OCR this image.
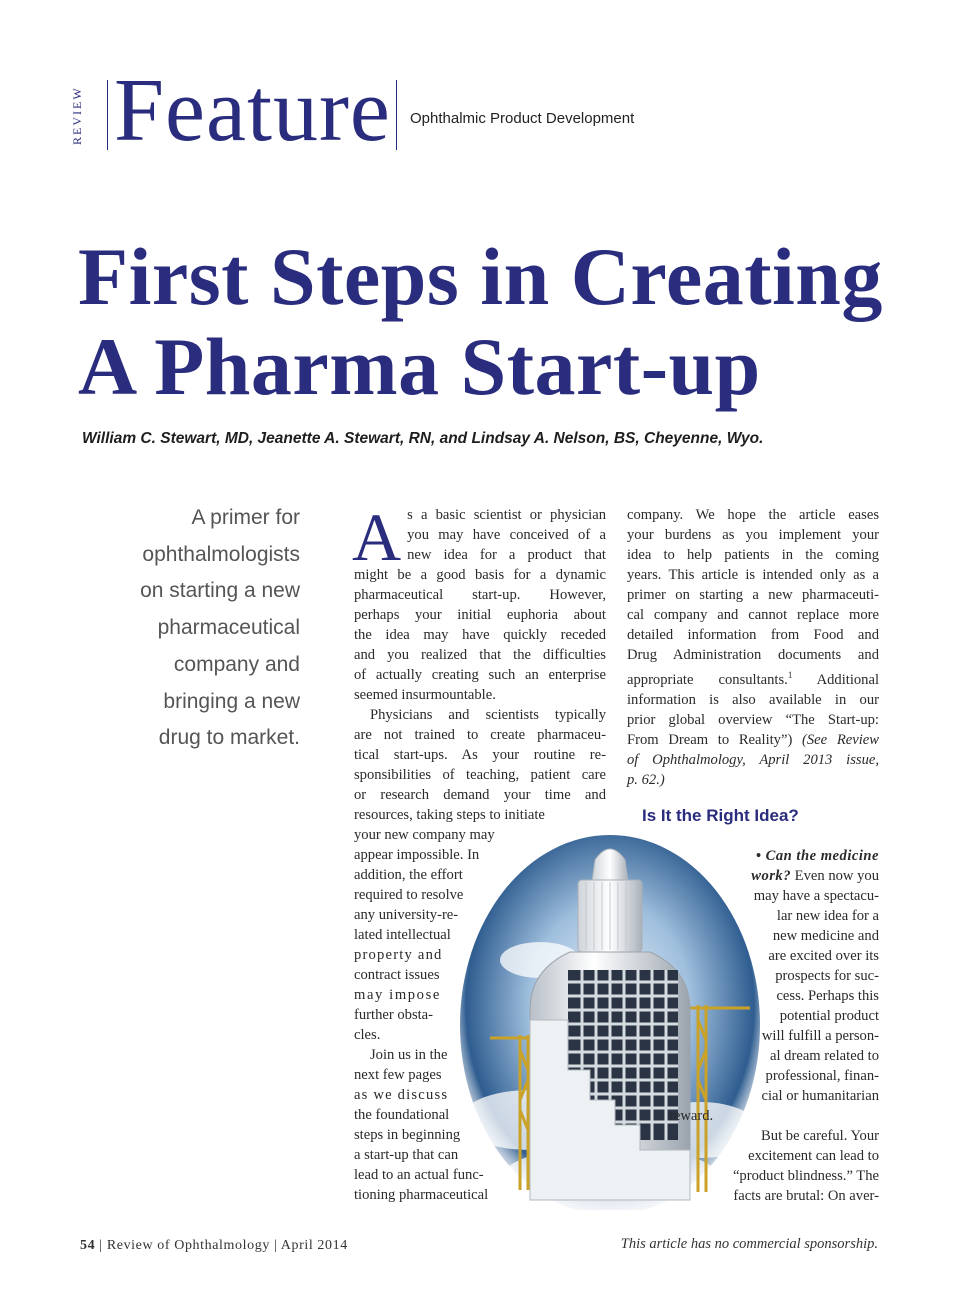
REVIEW Feature Ophthalmic Product Development
First Steps in Creating
A Pharma Start-up
William C. Stewart, MD, Jeanette A. Stewart, RN, and Lindsay A. Nelson, BS, Cheyenne, Wyo.
A primer for
ophthalmologists
on starting a new
pharmaceutical
company and
bringing a new
drug to market.
A s a basic scientist or physician
you may have conceived of a
new idea for a product that
might be a good basis for a dynamic
pharmaceutical start-up. However,
perhaps your initial euphoria about
the idea may have quickly receded
and you realized that the difficulties
of actually creating such an enterprise
seemed insurmountable.
Physicians and scientists typically
are not trained to create pharmaceu-
tical start-ups. As your routine re-
sponsibilities of teaching, patient care
or research demand your time and
resources, taking steps to initiate
your new company may
appear impossible. In
addition, the effort
required to resolve
any university-re-
lated intellectual
property and
contract issues
may impose
further obsta-
cles.
Join us in the
next few pages
as we discuss
the foundational
steps in beginning
a start-up that can
lead to an actual func-
tioning pharmaceutical
company. We hope the article eases
your burdens as you implement your
idea to help patients in the coming
years. This article is intended only as a
primer on starting a new pharmaceuti-
cal company and cannot replace more
detailed information from Food and
Drug Administration documents and
appropriate consultants.$^1$ Additional
information is also available in our
prior global overview “The Start-up:
From Dream to Reality”) (See Review
of Ophthalmology, April 2013 issue,
p. 62.)
Is It the Right Idea?
• Can the medicine
work? Even now you
may have a spectacu-
lar new idea for a
new medicine and
are excited over its
prospects for suc-
cess. Perhaps this
potential product
will fulfill a person-
al dream related to
professional, finan-
cial or humanitarian
reward.
But be careful. Your
excitement can lead to
“product blindness.” The
facts are brutal: On aver-
54 | Review of Ophthalmology | April 2014	This article has no commercial sponsorship.
